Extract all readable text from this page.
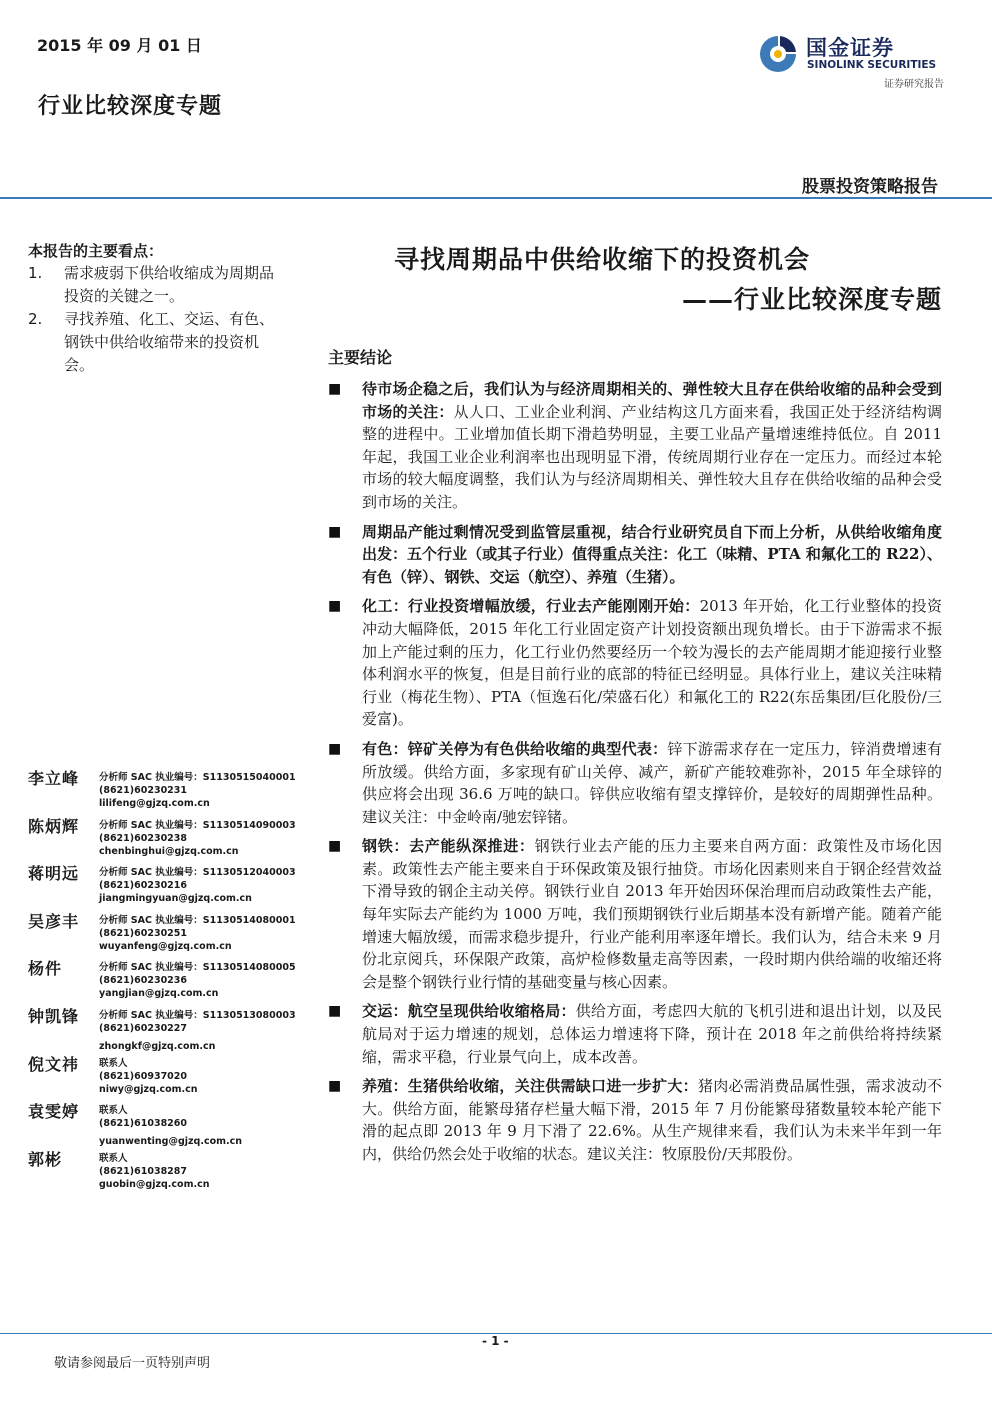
2015 年 09 月 01 日
行业比较深度专题
国金证券
SINOLINK SECURITIES
证券研究报告
股票投资策略报告
本报告的主要看点：
1.	需求疲弱下供给收缩成为周期品投资的关键之一。
2.	寻找养殖、化工、交运、有色、钢铁中供给收缩带来的投资机会。
寻找周期品中供给收缩下的投资机会
——行业比较深度专题
主要结论
■	待市场企稳之后，我们认为与经济周期相关的、弹性较大且存在供给收缩的品种会受到市场的关注：从人口、工业企业利润、产业结构这几方面来看，我国正处于经济结构调整的进程中。工业增加值长期下滑趋势明显，主要工业品产量增速维持低位。自 2011 年起，我国工业企业利润率也出现明显下滑，传统周期行业存在一定压力。而经过本轮市场的较大幅度调整，我们认为与经济周期相关、弹性较大且存在供给收缩的品种会受到市场的关注。
■	周期品产能过剩情况受到监管层重视，结合行业研究员自下而上分析，从供给收缩角度出发：五个行业（或其子行业）值得重点关注：化工（味精、PTA 和氟化工的 R22）、有色（锌）、钢铁、交运（航空）、养殖（生猪）。
■	化工：行业投资增幅放缓，行业去产能刚刚开始：2013 年开始，化工行业整体的投资冲动大幅降低，2015 年化工行业固定资产计划投资额出现负增长。由于下游需求不振加上产能过剩的压力，化工行业仍然要经历一个较为漫长的去产能周期才能迎接行业整体利润水平的恢复，但是目前行业的底部的特征已经明显。具体行业上，建议关注味精行业（梅花生物）、PTA（恒逸石化/荣盛石化）和氟化工的 R22(东岳集团/巨化股份/三爱富)。
■	有色：锌矿关停为有色供给收缩的典型代表：锌下游需求存在一定压力，锌消费增速有所放缓。供给方面，多家现有矿山关停、减产，新矿产能较难弥补，2015 年全球锌的供应将会出现 36.6 万吨的缺口。锌供应收缩有望支撑锌价，是较好的周期弹性品种。建议关注：中金岭南/驰宏锌锗。
■	钢铁：去产能纵深推进：钢铁行业去产能的压力主要来自两方面：政策性及市场化因素。政策性去产能主要来自于环保政策及银行抽贷。市场化因素则来自于钢企经营效益下滑导致的钢企主动关停。钢铁行业自 2013 年开始因环保治理而启动政策性去产能，每年实际去产能约为 1000 万吨，我们预期钢铁行业后期基本没有新增产能。随着产能增速大幅放缓，而需求稳步提升，行业产能利用率逐年增长。我们认为，结合未来 9 月份北京阅兵，环保限产政策，高炉检修数量走高等因素，一段时期内供给端的收缩还将会是整个钢铁行业行情的基础变量与核心因素。
■	交运：航空呈现供给收缩格局：供给方面，考虑四大航的飞机引进和退出计划，以及民航局对于运力增速的规划，总体运力增速将下降，预计在 2018 年之前供给将持续紧缩，需求平稳，行业景气向上，成本改善。
■	养殖：生猪供给收缩，关注供需缺口进一步扩大：猪肉必需消费品属性强，需求波动不大。供给方面，能繁母猪存栏量大幅下滑，2015 年 7 月份能繁母猪数量较本轮产能下滑的起点即 2013 年 9 月下滑了 22.6%。从生产规律来看，我们认为未来半年到一年内，供给仍然会处于收缩的状态。建议关注：牧原股份/天邦股份。
李立峰 分析师 SAC 执业编号：S1130515040001
(8621)60230231
lilifeng@gjzq.com.cn
陈炳辉 分析师 SAC 执业编号：S1130514090003
(8621)60230238
chenbinghui@gjzq.com.cn
蒋明远 分析师 SAC 执业编号：S1130512040003
(8621)60230216
jiangmingyuan@gjzq.com.cn
吴彦丰 分析师 SAC 执业编号：S1130514080001
(8621)60230251
wuyanfeng@gjzq.com.cn
杨件	分析师 SAC 执业编号：S1130514080005
(8621)60230236
yangjian@gjzq.com.cn
钟凯锋 分析师 SAC 执业编号：S1130513080003
(8621)60230227
zhongkf@gjzq.com.cn
倪文祎 联系人
(8621)60937020
niwy@gjzq.com.cn
袁雯婷 联系人
(8621)61038260
yuanwenting@gjzq.com.cn
郭彬	联系人
(8621)61038287
guobin@gjzq.com.cn
- 1 -
敬请参阅最后一页特别声明
